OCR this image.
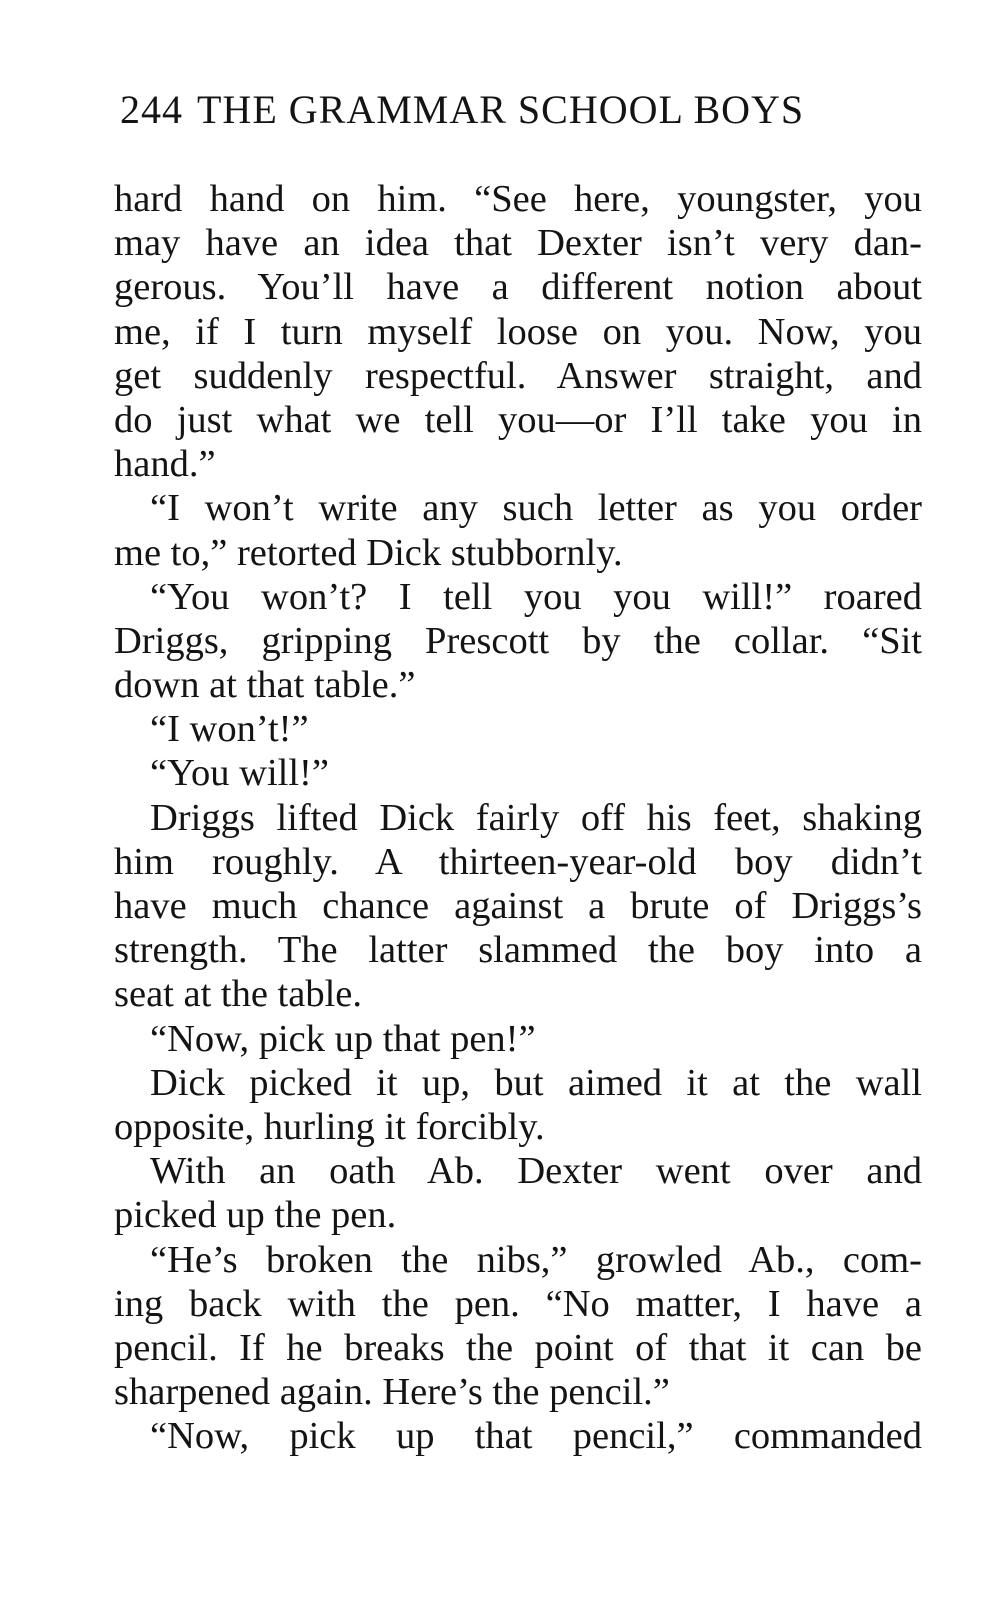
244 THE GRAMMAR SCHOOL BOYS
hard hand on him. “See here, youngster, you
may have an idea that Dexter isn’t very dan-
gerous. You’ll have a different notion about
me, if I turn myself loose on you. Now, you
get suddenly respectful. Answer straight, and
do just what we tell you—or I’ll take you in
hand.”
“I won’t write any such letter as you order
me to,” retorted Dick stubbornly.
“You won’t? I tell you you will!” roared
Driggs, gripping Prescott by the collar. “Sit
down at that table.”
“I won’t!”
“You will!”
Driggs lifted Dick fairly off his feet, shaking
him roughly. A thirteen-year-old boy didn’t
have much chance against a brute of Driggs’s
strength. The latter slammed the boy into a
seat at the table.
“Now, pick up that pen!”
Dick picked it up, but aimed it at the wall
opposite, hurling it forcibly.
With an oath Ab. Dexter went over and
picked up the pen.
“He’s broken the nibs,” growled Ab., com-
ing back with the pen. “No matter, I have a
pencil. If he breaks the point of that it can be
sharpened again. Here’s the pencil.”
“Now, pick up that pencil,” commanded
